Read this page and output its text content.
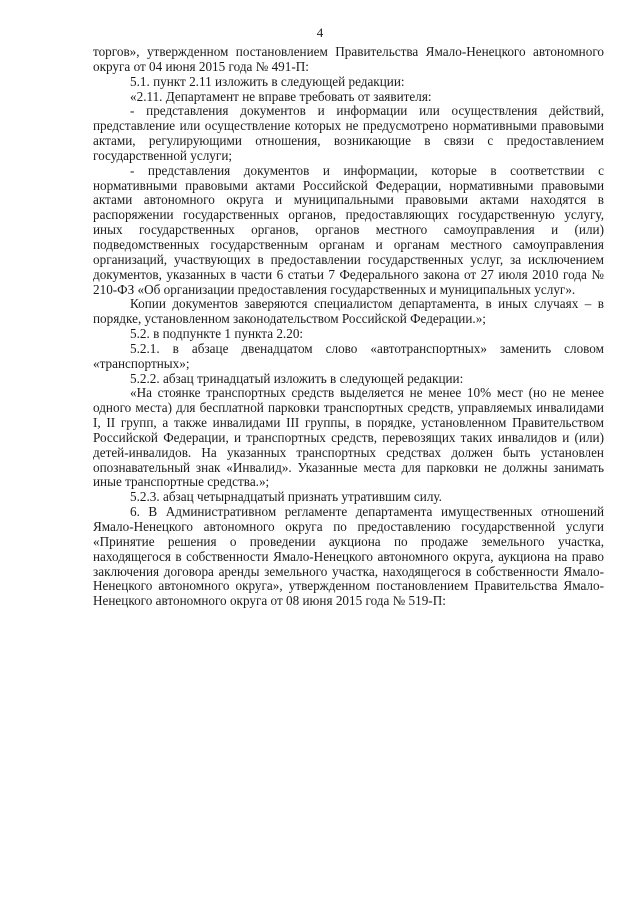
4

торгов», утвержденном постановлением Правительства Ямало-Ненецкого автономного округа от 04 июня 2015 года № 491-П:

5.1. пункт 2.11 изложить в следующей редакции:

«2.11. Департамент не вправе требовать от заявителя:

- представления документов и информации или осуществления действий, представление или осуществление которых не предусмотрено нормативными правовыми актами, регулирующими отношения, возникающие в связи с предоставлением государственной услуги;

- представления документов и информации, которые в соответствии с нормативными правовыми актами Российской Федерации, нормативными правовыми актами автономного округа и муниципальными правовыми актами находятся в распоряжении государственных органов, предоставляющих государственную услугу, иных государственных органов, органов местного самоуправления и (или) подведомственных государственным органам и органам местного самоуправления организаций, участвующих в предоставлении государственных услуг, за исключением документов, указанных в части 6 статьи 7 Федерального закона от 27 июля 2010 года № 210-ФЗ «Об организации предоставления государственных и муниципальных услуг».

Копии документов заверяются специалистом департамента, в иных случаях – в порядке, установленном законодательством Российской Федерации.»;

5.2. в подпункте 1 пункта 2.20:

5.2.1. в абзаце двенадцатом слово «автотранспортных» заменить словом «транспортных»;

5.2.2. абзац тринадцатый изложить в следующей редакции:

«На стоянке транспортных средств выделяется не менее 10% мест (но не менее одного места) для бесплатной парковки транспортных средств, управляемых инвалидами I, II групп, а также инвалидами III группы, в порядке, установленном Правительством Российской Федерации, и транспортных средств, перевозящих таких инвалидов и (или) детей-инвалидов. На указанных транспортных средствах должен быть установлен опознавательный знак «Инвалид». Указанные места для парковки не должны занимать иные транспортные средства.»;

5.2.3. абзац четырнадцатый признать утратившим силу.

6. В Административном регламенте департамента имущественных отношений Ямало-Ненецкого автономного округа по предоставлению государственной услуги «Принятие решения о проведении аукциона по продаже земельного участка, находящегося в собственности Ямало-Ненецкого автономного округа, аукциона на право заключения договора аренды земельного участка, находящегося в собственности Ямало-Ненецкого автономного округа», утвержденном постановлением Правительства Ямало-Ненецкого автономного округа от 08 июня 2015 года № 519-П:
